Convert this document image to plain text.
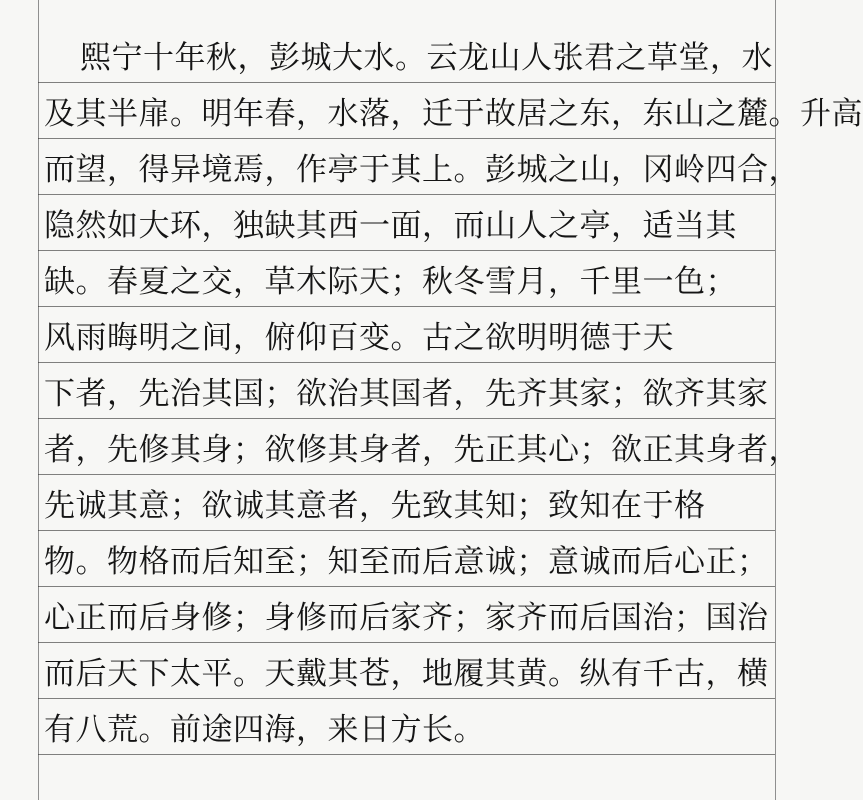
熙宁十年秋，彭城大水。云龙山人张君之草堂，水
及其半扉。明年春，水落，迁于故居之东，东山之麓。升高
而望，得异境焉，作亭于其上。彭城之山，冈岭四合，
隐然如大环，独缺其西一面，而山人之亭，适当其
缺。春夏之交，草木际天；秋冬雪月，千里一色；
风雨晦明之间，俯仰百变。古之欲明明德于天
下者，先治其国；欲治其国者，先齐其家；欲齐其家
者，先修其身；欲修其身者，先正其心；欲正其身者，
先诚其意；欲诚其意者，先致其知；致知在于格
物。物格而后知至；知至而后意诚；意诚而后心正；
心正而后身修；身修而后家齐；家齐而后国治；国治
而后天下太平。天戴其苍，地履其黄。纵有千古，横
有八荒。前途四海，来日方长。
